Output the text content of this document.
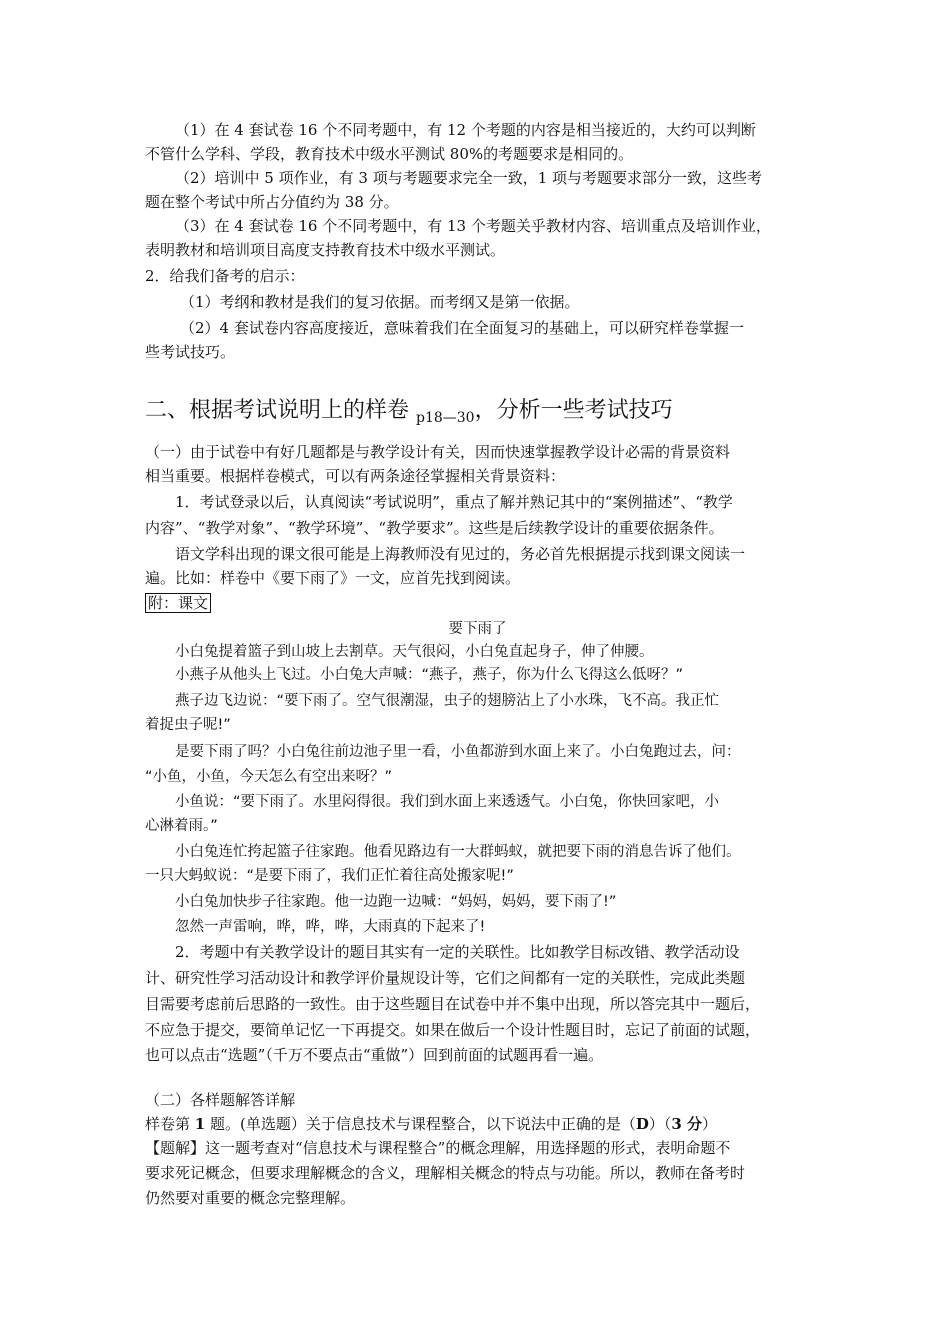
（1）在 4 套试卷 16 个不同考题中，有 12 个考题的内容是相当接近的，大约可以判断
不管什么学科、学段，教育技术中级水平测试 80%的考题要求是相同的。
（2）培训中 5 项作业，有 3 项与考题要求完全一致，1 项与考题要求部分一致，这些考
题在整个考试中所占分值约为 38 分。
（3）在 4 套试卷 16 个不同考题中，有 13 个考题关乎教材内容、培训重点及培训作业，
表明教材和培训项目高度支持教育技术中级水平测试。
2．给我们备考的启示：
（1）考纲和教材是我们的复习依据。而考纲又是第一依据。
（2）4 套试卷内容高度接近，意味着我们在全面复习的基础上，可以研究样卷掌握一
些考试技巧。
二、根据考试说明上的样卷 $_{p18—30}$，分析一些考试技巧
（一）由于试卷中有好几题都是与教学设计有关，因而快速掌握教学设计必需的背景资料
相当重要。根据样卷模式，可以有两条途径掌握相关背景资料：
1．考试登录以后，认真阅读“考试说明”，重点了解并熟记其中的“案例描述”、“教学
内容”、“教学对象”、“教学环境”、“教学要求”。这些是后续教学设计的重要依据条件。
语文学科出现的课文很可能是上海教师没有见过的，务必首先根据提示找到课文阅读一
遍。比如：样卷中《要下雨了》一文，应首先找到阅读。
附：课文
要下雨了
小白兔提着篮子到山坡上去割草。天气很闷，小白兔直起身子，伸了伸腰。
小燕子从他头上飞过。小白兔大声喊：“燕子，燕子，你为什么飞得这么低呀？”
燕子边飞边说：“要下雨了。空气很潮湿，虫子的翅膀沾上了小水珠，飞不高。我正忙
着捉虫子呢!”
是要下雨了吗？小白兔往前边池子里一看，小鱼都游到水面上来了。小白兔跑过去，问：
“小鱼，小鱼，今天怎么有空出来呀？”
小鱼说：“要下雨了。水里闷得很。我们到水面上来透透气。小白兔，你快回家吧，小
心淋着雨。”
小白兔连忙挎起篮子往家跑。他看见路边有一大群蚂蚁，就把要下雨的消息告诉了他们。
一只大蚂蚁说：“是要下雨了，我们正忙着往高处搬家呢!”
小白兔加快步子往家跑。他一边跑一边喊：“妈妈，妈妈，要下雨了!”
忽然一声雷响，哗，哗，哗，大雨真的下起来了!
2．考题中有关教学设计的题目其实有一定的关联性。比如教学目标改错、教学活动设
计、研究性学习活动设计和教学评价量规设计等，它们之间都有一定的关联性，完成此类题
目需要考虑前后思路的一致性。由于这些题目在试卷中并不集中出现，所以答完其中一题后，
不应急于提交，要简单记忆一下再提交。如果在做后一个设计性题目时，忘记了前面的试题，
也可以点击“选题”（千万不要点击“重做”）回到前面的试题再看一遍。
（二）各样题解答详解
样卷第 1 题。(单选题）关于信息技术与课程整合，以下说法中正确的是（D）（3 分）
【题解】这一题考查对“信息技术与课程整合”的概念理解，用选择题的形式，表明命题不
要求死记概念，但要求理解概念的含义，理解相关概念的特点与功能。所以，教师在备考时
仍然要对重要的概念完整理解。
